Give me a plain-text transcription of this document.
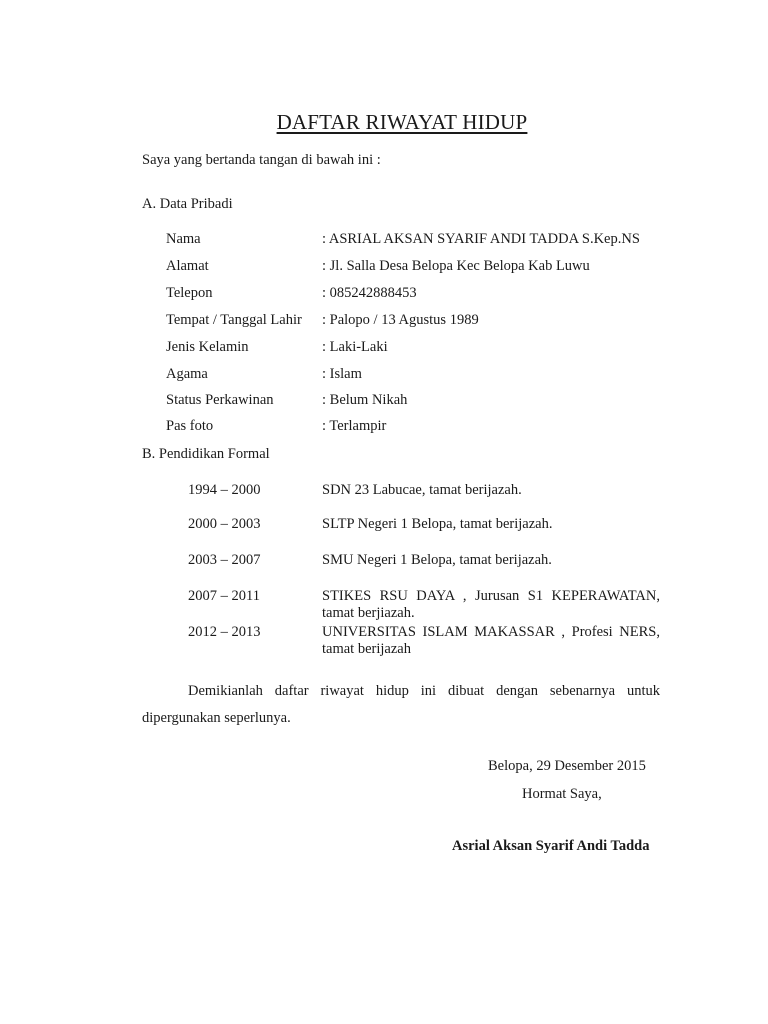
DAFTAR RIWAYAT HIDUP
Saya yang bertanda tangan di bawah ini :
A. Data Pribadi
Nama	: ASRIAL AKSAN SYARIF ANDI TADDA S.Kep.NS
Alamat	: Jl. Salla Desa Belopa Kec Belopa Kab Luwu
Telepon	: 085242888453
Tempat / Tanggal Lahir : Palopo / 13 Agustus 1989
Jenis Kelamin	: Laki-Laki
Agama	: Islam
Status Perkawinan	: Belum Nikah
Pas foto	: Terlampir
B. Pendidikan Formal
1994 – 2000	SDN 23 Labucae, tamat berijazah.
2000 – 2003	SLTP Negeri 1 Belopa, tamat berijazah.
2003 – 2007	SMU Negeri 1 Belopa, tamat berijazah.
2007 – 2011	STIKES RSU DAYA , Jurusan S1 KEPERAWATAN,
tamat berjiazah.
2012 – 2013	UNIVERSITAS ISLAM MAKASSAR , Profesi NERS,
tamat berijazah
Demikianlah daftar riwayat hidup ini dibuat dengan sebenarnya untuk dipergunakan seperlunya.
Belopa, 29 Desember 2015
Hormat Saya,
Asrial Aksan Syarif Andi Tadda
